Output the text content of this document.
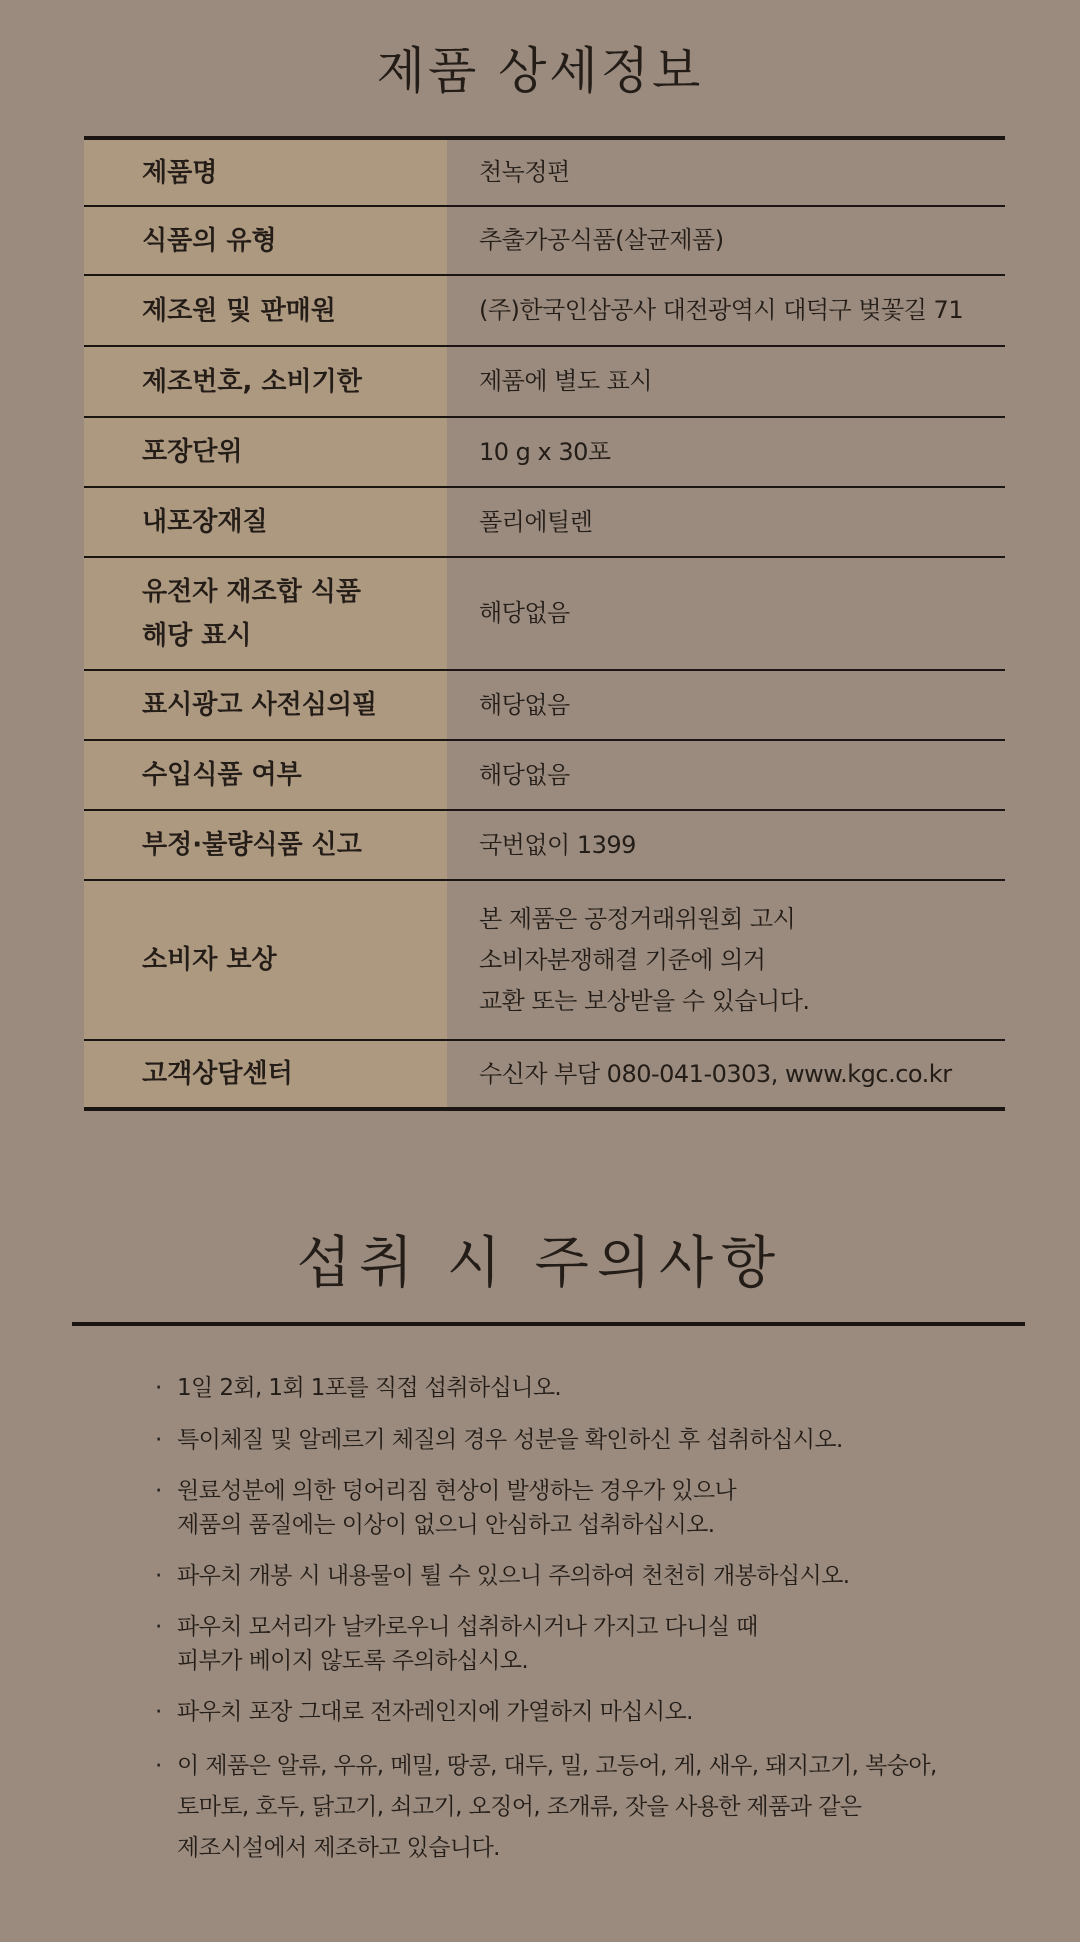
제품 상세정보
제품명	천녹정편

식품의 유형	추출가공식품(살균제품)

제조원 및 판매원	(주)한국인삼공사 대전광역시 대덕구 벚꽃길 71

제조번호, 소비기한	제품에 별도 표시

포장단위	10 g x 30포

내포장재질	폴리에틸렌

유전자 재조합 식품
해당 표시	해당없음

표시광고 사전심의필	해당없음

수입식품 여부	해당없음

부정·불량식품 신고	국번없이 1399

소비자 보상	본 제품은 공정거래위원회 고시
소비자분쟁해결 기준에 의거
교환 또는 보상받을 수 있습니다.

고객상담센터	수신자 부담 080-041-0303, www.kgc.co.kr
섭취 시 주의사항
· 1일 2회, 1회 1포를 직접 섭취하십니오.
· 특이체질 및 알레르기 체질의 경우 성분을 확인하신 후 섭취하십시오.
· 원료성분에 의한 덩어리짐 현상이 발생하는 경우가 있으나
제품의 품질에는 이상이 없으니 안심하고 섭취하십시오.
· 파우치 개봉 시 내용물이 튈 수 있으니 주의하여 천천히 개봉하십시오.
· 파우치 모서리가 날카로우니 섭취하시거나 가지고 다니실 때
피부가 베이지 않도록 주의하십시오.
· 파우치 포장 그대로 전자레인지에 가열하지 마십시오.
· 이 제품은 알류, 우유, 메밀, 땅콩, 대두, 밀, 고등어, 게, 새우, 돼지고기, 복숭아,
토마토, 호두, 닭고기, 쇠고기, 오징어, 조개류, 잣을 사용한 제품과 같은
제조시설에서 제조하고 있습니다.
